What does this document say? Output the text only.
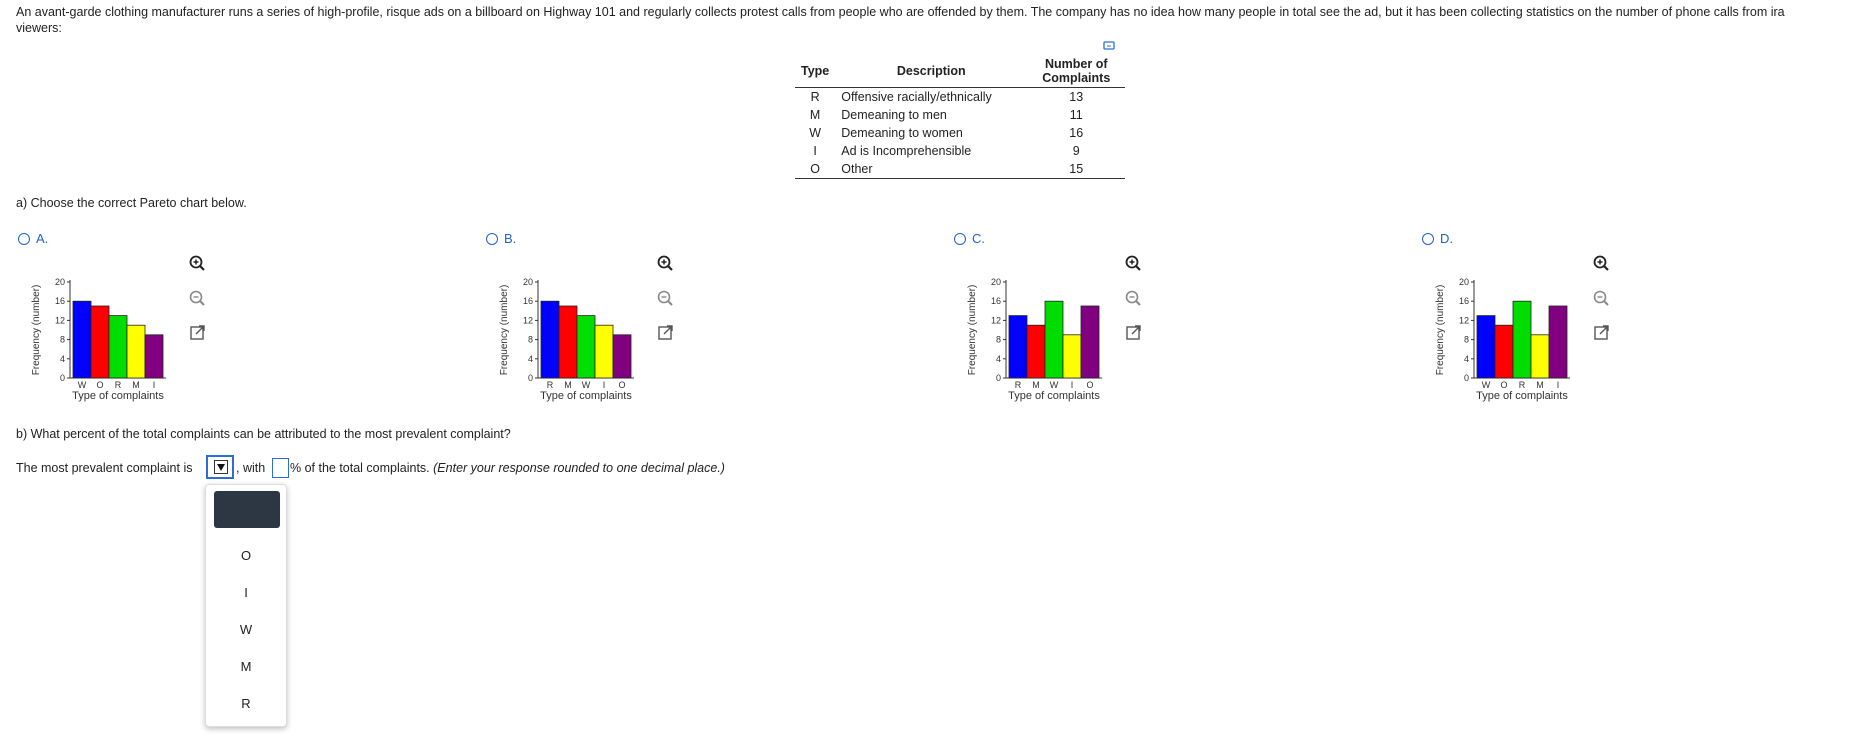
An avant-garde clothing manufacturer runs a series of high-profile, risque ads on a billboard on Highway 101 and regularly collects protest calls from people who are offended by them. The company has no idea how many people in total see the ad, but it has been collecting statistics on the number of phone calls from ira
viewers:
Type	Description	Number of Complaints
R	Offensive racially/ethnically	13
M	Demeaning to men	11
W	Demeaning to women	16
I	Ad is Incomprehensible	9
O	Other	15
a) Choose the correct Pareto chart below.
A.	B.	C.	D.
Frequency (number)
0
4
8
12
16
20
W O R M I
Type of complaints
Frequency (number)
0
4
8
12
16
20
R M W I O
Type of complaints
Frequency (number)
0
4
8
12
16
20
R M W I O
Type of complaints
Frequency (number)
0
4
8
12
16
20
W O R M I
Type of complaints
b) What percent of the total complaints can be attributed to the most prevalent complaint?
The most prevalent complaint is	, with % of the total complaints. (Enter your response rounded to one decimal place.)
O
I
W
M
R
